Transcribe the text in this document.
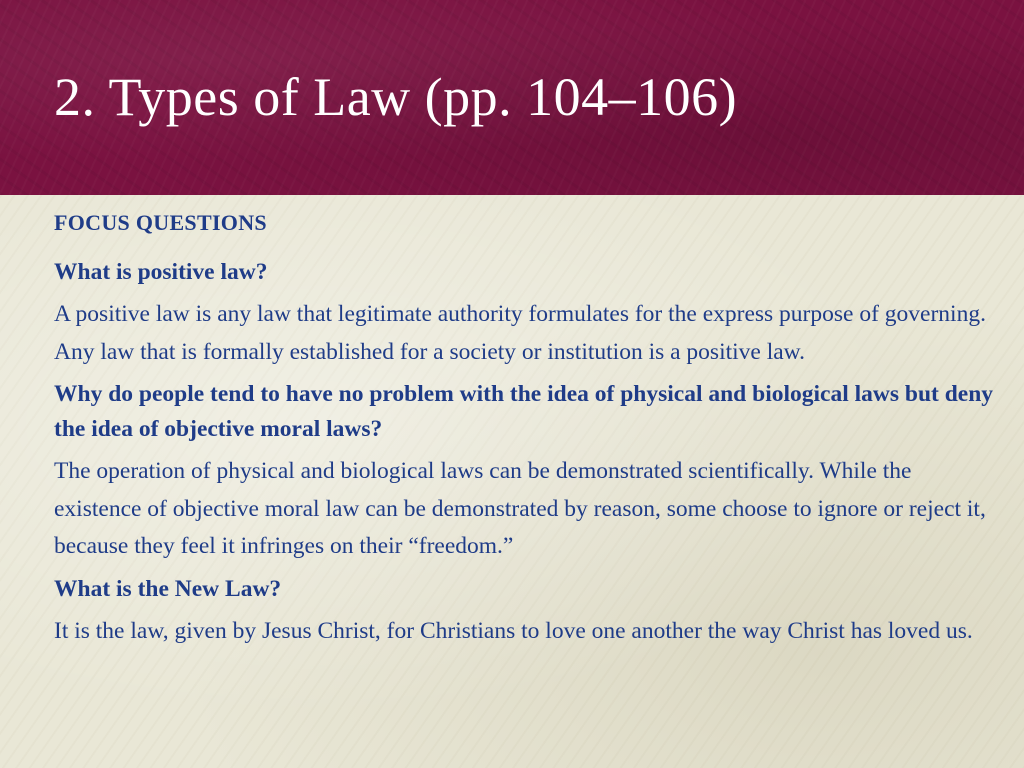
2. Types of Law (pp. 104–106)

FOCUS QUESTIONS

What is positive law?

A positive law is any law that legitimate authority formulates for the express purpose of governing. Any law that is formally established for a society or institution is a positive law.

Why do people tend to have no problem with the idea of physical and biological laws but deny the idea of objective moral laws?

The operation of physical and biological laws can be demonstrated scientifically. While the existence of objective moral law can be demonstrated by reason, some choose to ignore or reject it, because they feel it infringes on their “freedom.”

What is the New Law?

It is the law, given by Jesus Christ, for Christians to love one another the way Christ has loved us.
